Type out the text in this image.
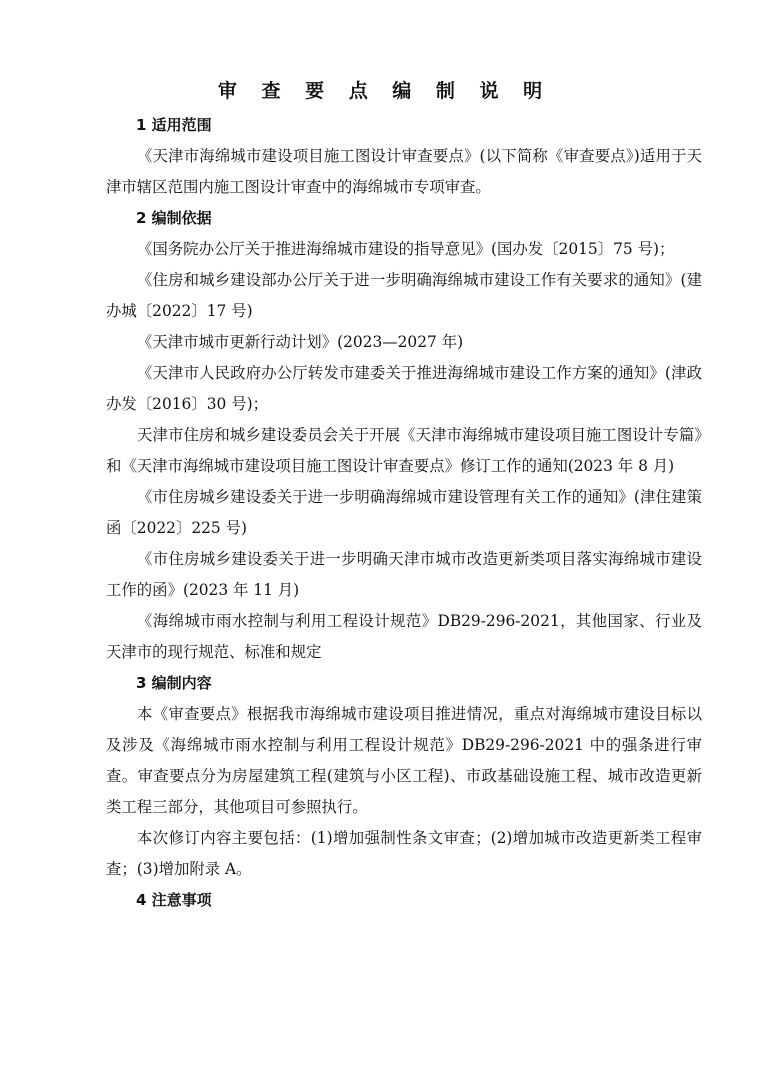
审 查 要 点 编 制 说 明
1 适用范围

《天津市海绵城市建设项目施工图设计审查要点》(以下简称《审查要点》)适用于天津市辖区范围内施工图设计审查中的海绵城市专项审查。

2 编制依据

《国务院办公厅关于推进海绵城市建设的指导意见》(国办发〔2015〕75 号)；

《住房和城乡建设部办公厅关于进一步明确海绵城市建设工作有关要求的通知》(建办城〔2022〕17 号)

《天津市城市更新行动计划》(2023—2027 年)

《天津市人民政府办公厅转发市建委关于推进海绵城市建设工作方案的通知》(津政办发〔2016〕30 号)；

天津市住房和城乡建设委员会关于开展《天津市海绵城市建设项目施工图设计专篇》和《天津市海绵城市建设项目施工图设计审查要点》修订工作的通知(2023 年 8 月)

《市住房城乡建设委关于进一步明确海绵城市建设管理有关工作的通知》(津住建策函〔2022〕225 号)

《市住房城乡建设委关于进一步明确天津市城市改造更新类项目落实海绵城市建设工作的函》(2023 年 11 月)

《海绵城市雨水控制与利用工程设计规范》DB29-296-2021，其他国家、行业及天津市的现行规范、标准和规定

3 编制内容

本《审查要点》根据我市海绵城市建设项目推进情况，重点对海绵城市建设目标以及涉及《海绵城市雨水控制与利用工程设计规范》DB29-296-2021 中的强条进行审查。审查要点分为房屋建筑工程(建筑与小区工程)、市政基础设施工程、城市改造更新类工程三部分，其他项目可参照执行。

本次修订内容主要包括：(1)增加强制性条文审查；(2)增加城市改造更新类工程审查；(3)增加附录 A。

4 注意事项
